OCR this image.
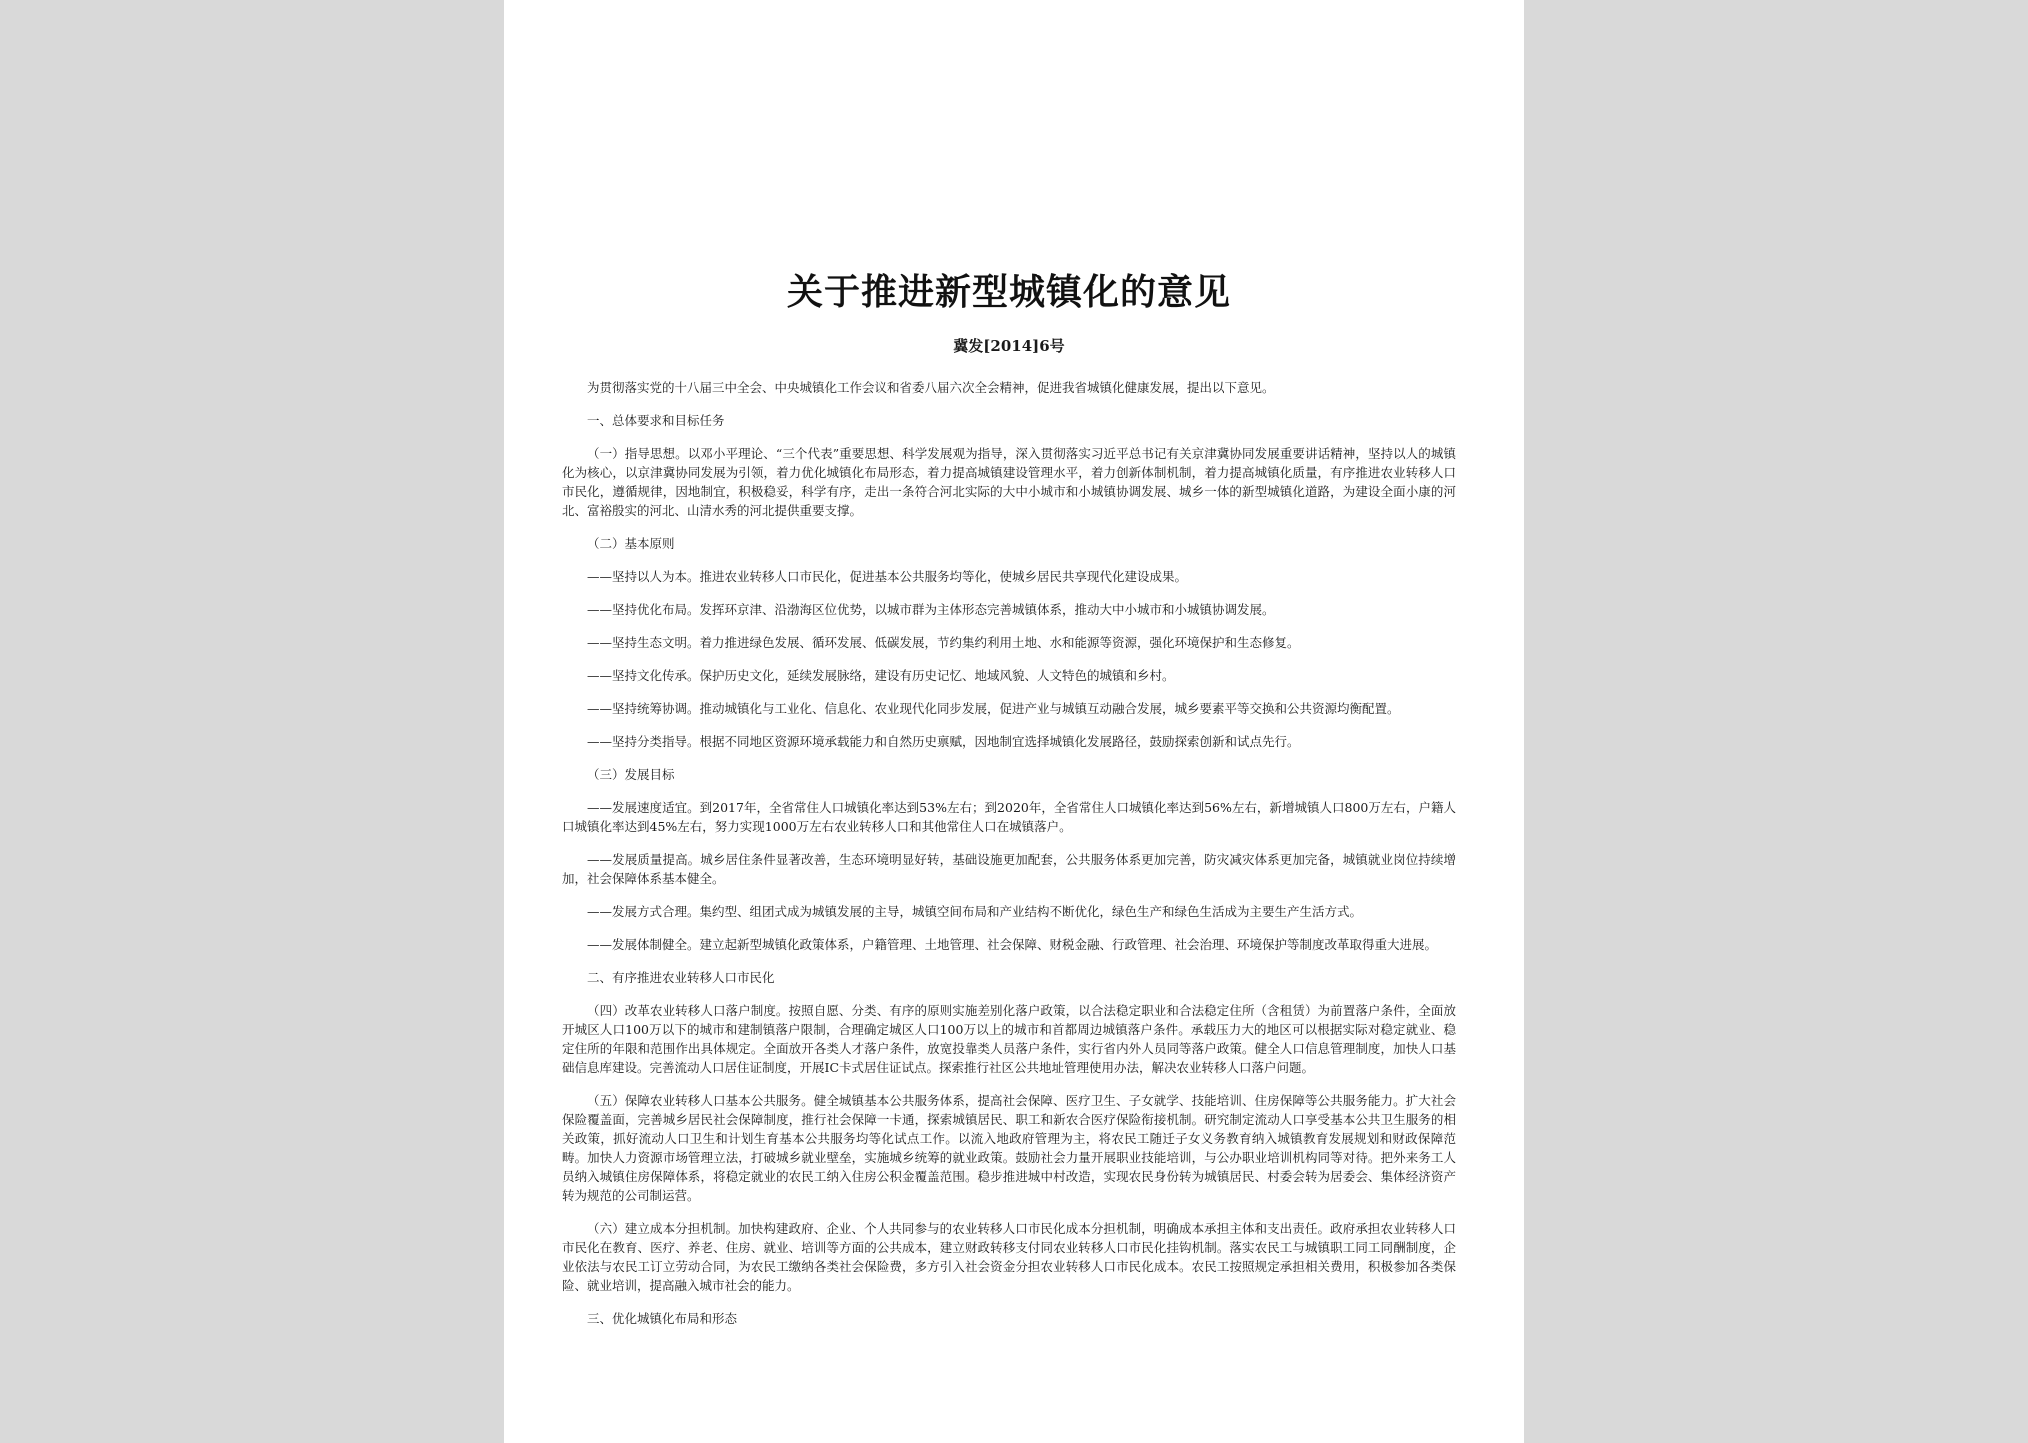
关于推进新型城镇化的意见
冀发[2014]6号
为贯彻落实党的十八届三中全会、中央城镇化工作会议和省委八届六次全会精神，促进我省城镇化健康发展，提出以下意见。
一、总体要求和目标任务
（一）指导思想。以邓小平理论、“三个代表”重要思想、科学发展观为指导，深入贯彻落实习近平总书记有关京津冀协同发展重要讲话精神，坚持以人的城镇化为核心，以京津冀协同发展为引领，着力优化城镇化布局形态，着力提高城镇建设管理水平，着力创新体制机制，着力提高城镇化质量，有序推进农业转移人口市民化，遵循规律，因地制宜，积极稳妥，科学有序，走出一条符合河北实际的大中小城市和小城镇协调发展、城乡一体的新型城镇化道路，为建设全面小康的河北、富裕殷实的河北、山清水秀的河北提供重要支撑。
（二）基本原则
——坚持以人为本。推进农业转移人口市民化，促进基本公共服务均等化，使城乡居民共享现代化建设成果。
——坚持优化布局。发挥环京津、沿渤海区位优势，以城市群为主体形态完善城镇体系，推动大中小城市和小城镇协调发展。
——坚持生态文明。着力推进绿色发展、循环发展、低碳发展，节约集约利用土地、水和能源等资源，强化环境保护和生态修复。
——坚持文化传承。保护历史文化，延续发展脉络，建设有历史记忆、地域风貌、人文特色的城镇和乡村。
——坚持统筹协调。推动城镇化与工业化、信息化、农业现代化同步发展，促进产业与城镇互动融合发展，城乡要素平等交换和公共资源均衡配置。
——坚持分类指导。根据不同地区资源环境承载能力和自然历史禀赋，因地制宜选择城镇化发展路径，鼓励探索创新和试点先行。
（三）发展目标
——发展速度适宜。到2017年，全省常住人口城镇化率达到53%左右；到2020年，全省常住人口城镇化率达到56%左右，新增城镇人口800万左右，户籍人口城镇化率达到45%左右，努力实现1000万左右农业转移人口和其他常住人口在城镇落户。
——发展质量提高。城乡居住条件显著改善，生态环境明显好转，基础设施更加配套，公共服务体系更加完善，防灾减灾体系更加完备，城镇就业岗位持续增加，社会保障体系基本健全。
——发展方式合理。集约型、组团式成为城镇发展的主导，城镇空间布局和产业结构不断优化，绿色生产和绿色生活成为主要生产生活方式。
——发展体制健全。建立起新型城镇化政策体系，户籍管理、土地管理、社会保障、财税金融、行政管理、社会治理、环境保护等制度改革取得重大进展。
二、有序推进农业转移人口市民化
（四）改革农业转移人口落户制度。按照自愿、分类、有序的原则实施差别化落户政策，以合法稳定职业和合法稳定住所（含租赁）为前置落户条件，全面放开城区人口100万以下的城市和建制镇落户限制，合理确定城区人口100万以上的城市和首都周边城镇落户条件。承载压力大的地区可以根据实际对稳定就业、稳定住所的年限和范围作出具体规定。全面放开各类人才落户条件，放宽投靠类人员落户条件，实行省内外人员同等落户政策。健全人口信息管理制度，加快人口基础信息库建设。完善流动人口居住证制度，开展IC卡式居住证试点。探索推行社区公共地址管理使用办法，解决农业转移人口落户问题。
（五）保障农业转移人口基本公共服务。健全城镇基本公共服务体系，提高社会保障、医疗卫生、子女就学、技能培训、住房保障等公共服务能力。扩大社会保险覆盖面，完善城乡居民社会保障制度，推行社会保障一卡通，探索城镇居民、职工和新农合医疗保险衔接机制。研究制定流动人口享受基本公共卫生服务的相关政策，抓好流动人口卫生和计划生育基本公共服务均等化试点工作。以流入地政府管理为主，将农民工随迁子女义务教育纳入城镇教育发展规划和财政保障范畴。加快人力资源市场管理立法，打破城乡就业壁垒，实施城乡统筹的就业政策。鼓励社会力量开展职业技能培训，与公办职业培训机构同等对待。把外来务工人员纳入城镇住房保障体系，将稳定就业的农民工纳入住房公积金覆盖范围。稳步推进城中村改造，实现农民身份转为城镇居民、村委会转为居委会、集体经济资产转为规范的公司制运营。
（六）建立成本分担机制。加快构建政府、企业、个人共同参与的农业转移人口市民化成本分担机制，明确成本承担主体和支出责任。政府承担农业转移人口市民化在教育、医疗、养老、住房、就业、培训等方面的公共成本，建立财政转移支付同农业转移人口市民化挂钩机制。落实农民工与城镇职工同工同酬制度，企业依法与农民工订立劳动合同，为农民工缴纳各类社会保险费，多方引入社会资金分担农业转移人口市民化成本。农民工按照规定承担相关费用，积极参加各类保险、就业培训，提高融入城市社会的能力。
三、优化城镇化布局和形态
